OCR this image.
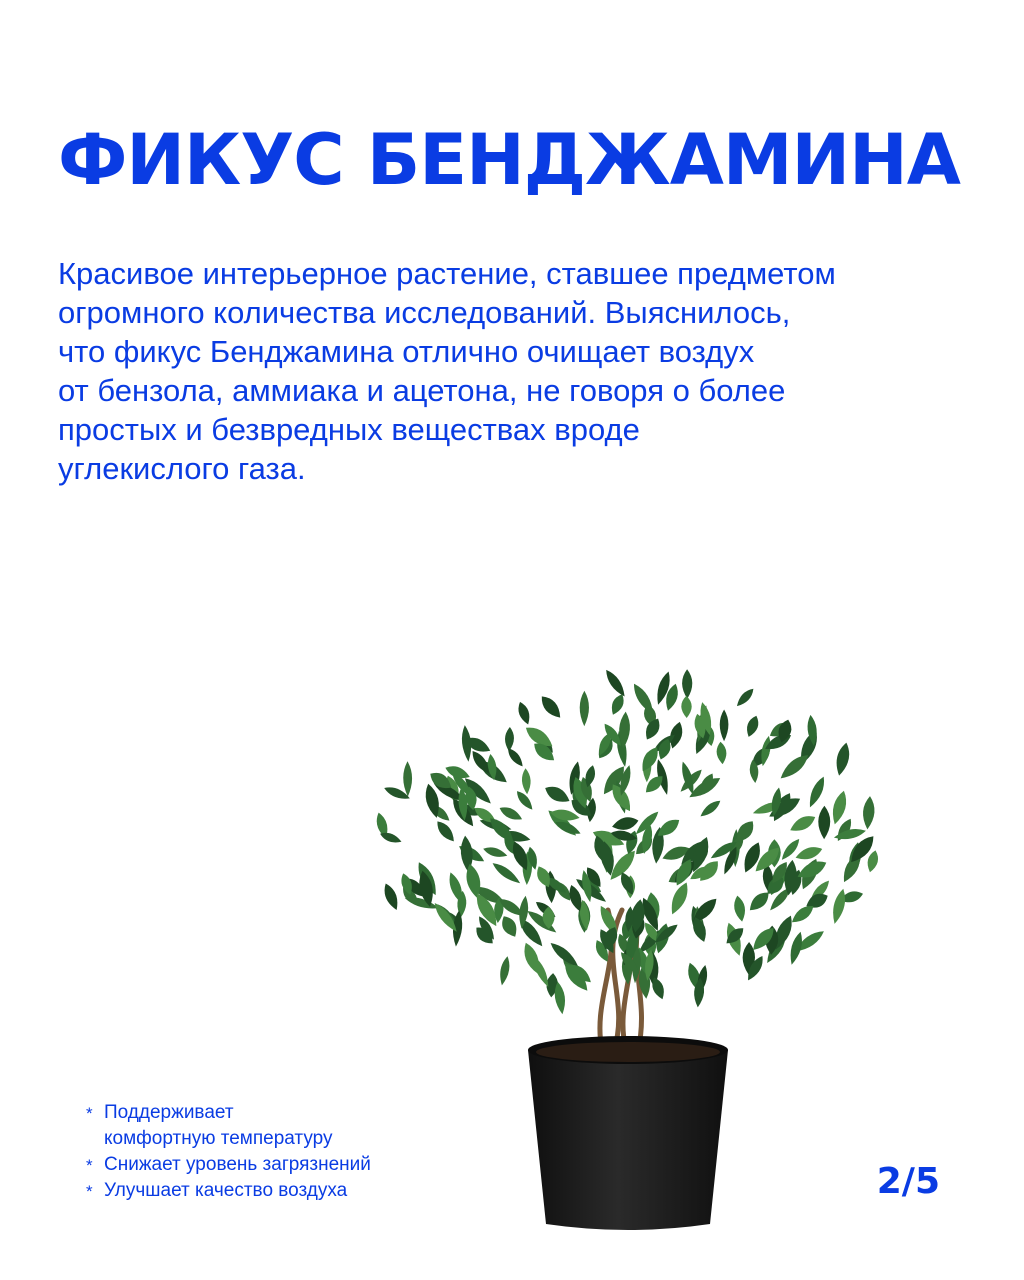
ФИКУС БЕНДЖАМИНА

Красивое интерьерное растение, ставшее предметом
огромного количества исследований. Выяснилось,
что фикус Бенджамина отлично очищает воздух
от бензола, аммиака и ацетона, не говоря о более
простых и безвредных веществах вроде
углекислого газа.

* Поддерживает
комфортную температуру
* Снижает уровень загрязнений
* Улучшает качество воздуха	2/5
